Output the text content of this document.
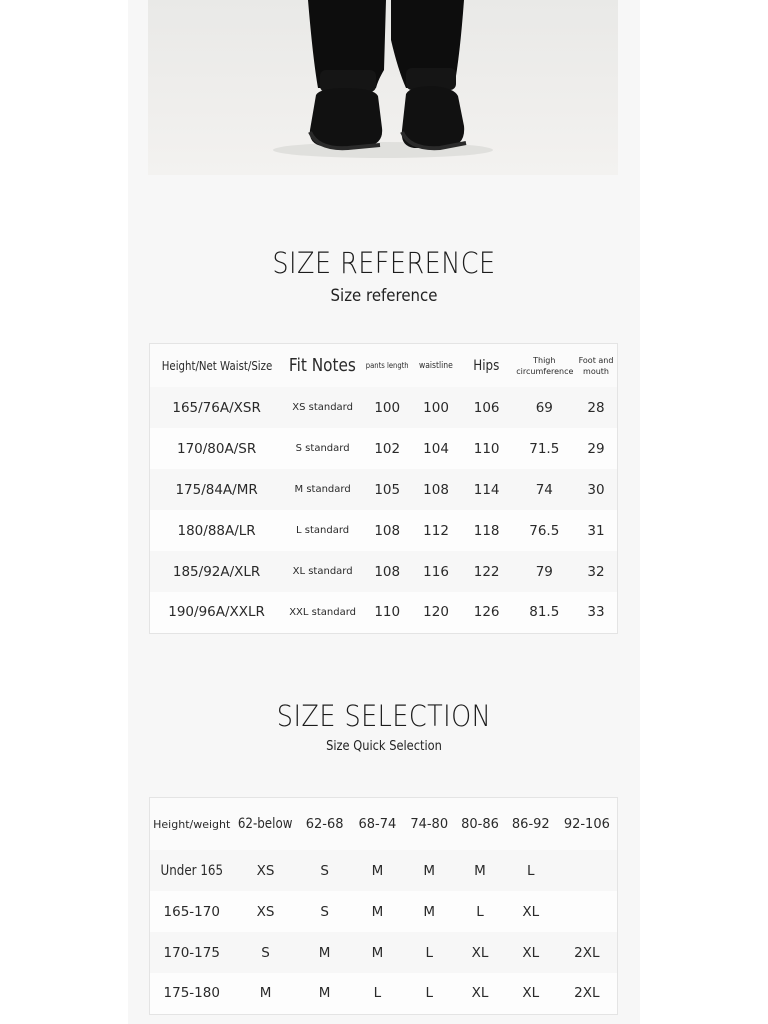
SIZE REFERENCE
Size reference
Height/Net Waist/Size	Fit Notes	pants length	waistline	Hips	Thigh circumference	Foot and mouth

165/76A/XSR	XS standard	100	100	106	69	28
170/80A/SR	S standard	102	104	110	71.5	29
175/84A/MR	M standard	105	108	114	74	30
180/88A/LR	L standard	108	112	118	76.5	31
185/92A/XLR	XL standard	108	116	122	79	32
190/96A/XXLR	XXL standard	110	120	126	81.5	33
SIZE SELECTION
Size Quick Selection
Height/weight	62-below	62-68	68-74	74-80	80-86	86-92	92-106
Under 165	XS	S	M	M	M	L	
165-170	XS	S	M	M	L	XL	
170-175	S	M	M	L	XL	XL	2XL
175-180	M	M	L	L	XL	XL	2XL
